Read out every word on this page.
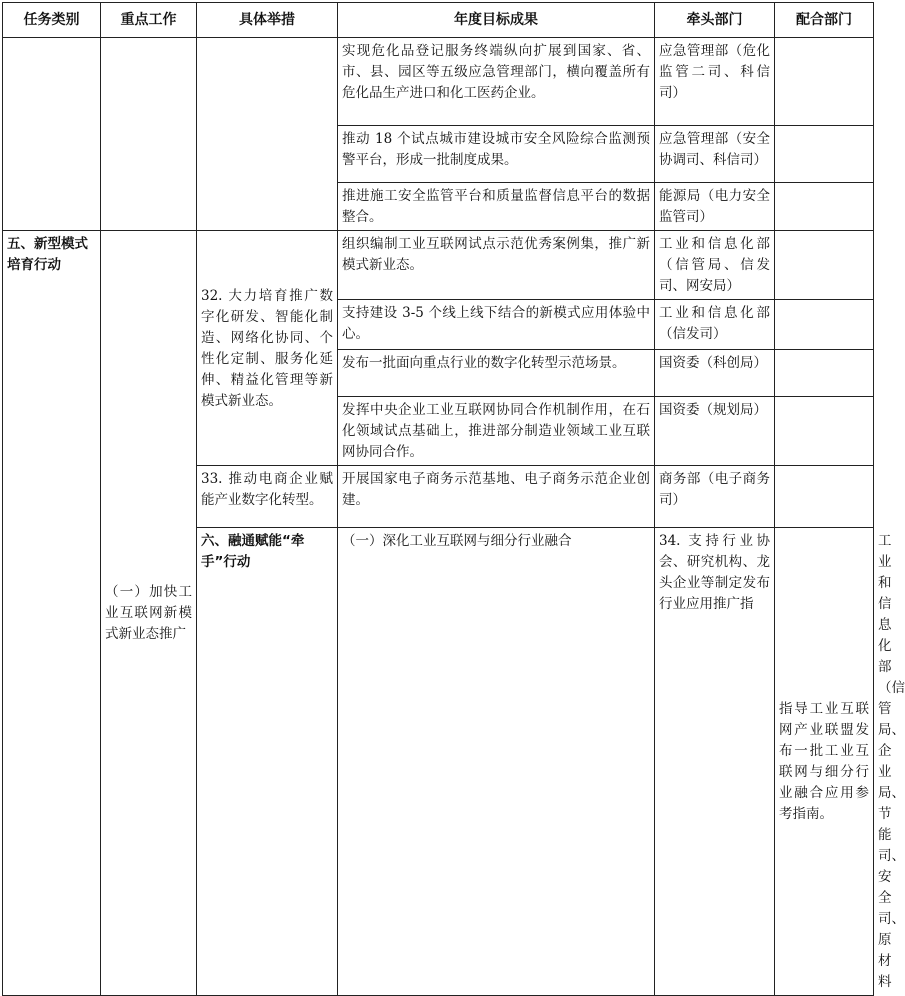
任务类别	重点工作	具体举措	年度目标成果	牵头部门	配合部门	
			实现危化品登记服务终端纵向扩展到国家、省、市、县、园区等五级应急管理部门，横向覆盖所有危化品生产进口和化工医药企业。	应急管理部（危化监管二司、科信司）		
			推动 18 个试点城市建设城市安全风险综合监测预警平台，形成一批制度成果。	应急管理部（安全协调司、科信司）		
			推进施工安全监管平台和质量监督信息平台的数据整合。	能源局（电力安全监管司）		
五、新型模式培育行动	（一）加快工业互联网新模式新业态推广	32. 大力培育推广数字化研发、智能化制造、网络化协同、个性化定制、服务化延伸、精益化管理等新模式新业态。	组织编制工业互联网试点示范优秀案例集，推广新模式新业态。	工业和信息化部（信管局、信发司、网安局）		
			支持建设 3-5 个线上线下结合的新模式应用体验中心。	工业和信息化部（信发司）		
			发布一批面向重点行业的数字化转型示范场景。	国资委（科创局）		
			发挥中央企业工业互联网协同合作机制作用，在石化领域试点基础上，推进部分制造业领域工业互联网协同合作。	国资委（规划局）		
		33. 推动电商企业赋能产业数字化转型。	开展国家电子商务示范基地、电子商务示范企业创建。	商务部（电子商务司）		
		六、融通赋能“牵手”行动	（一）深化工业互联网与细分行业融合	34. 支持行业协会、研究机构、龙头企业等制定发布行业应用推广指	指导工业互联网产业联盟发布一批工业互联网与细分行业融合应用参考指南。	工业和信息化部（信管局、企业局、节能司、安全司、原材料	
